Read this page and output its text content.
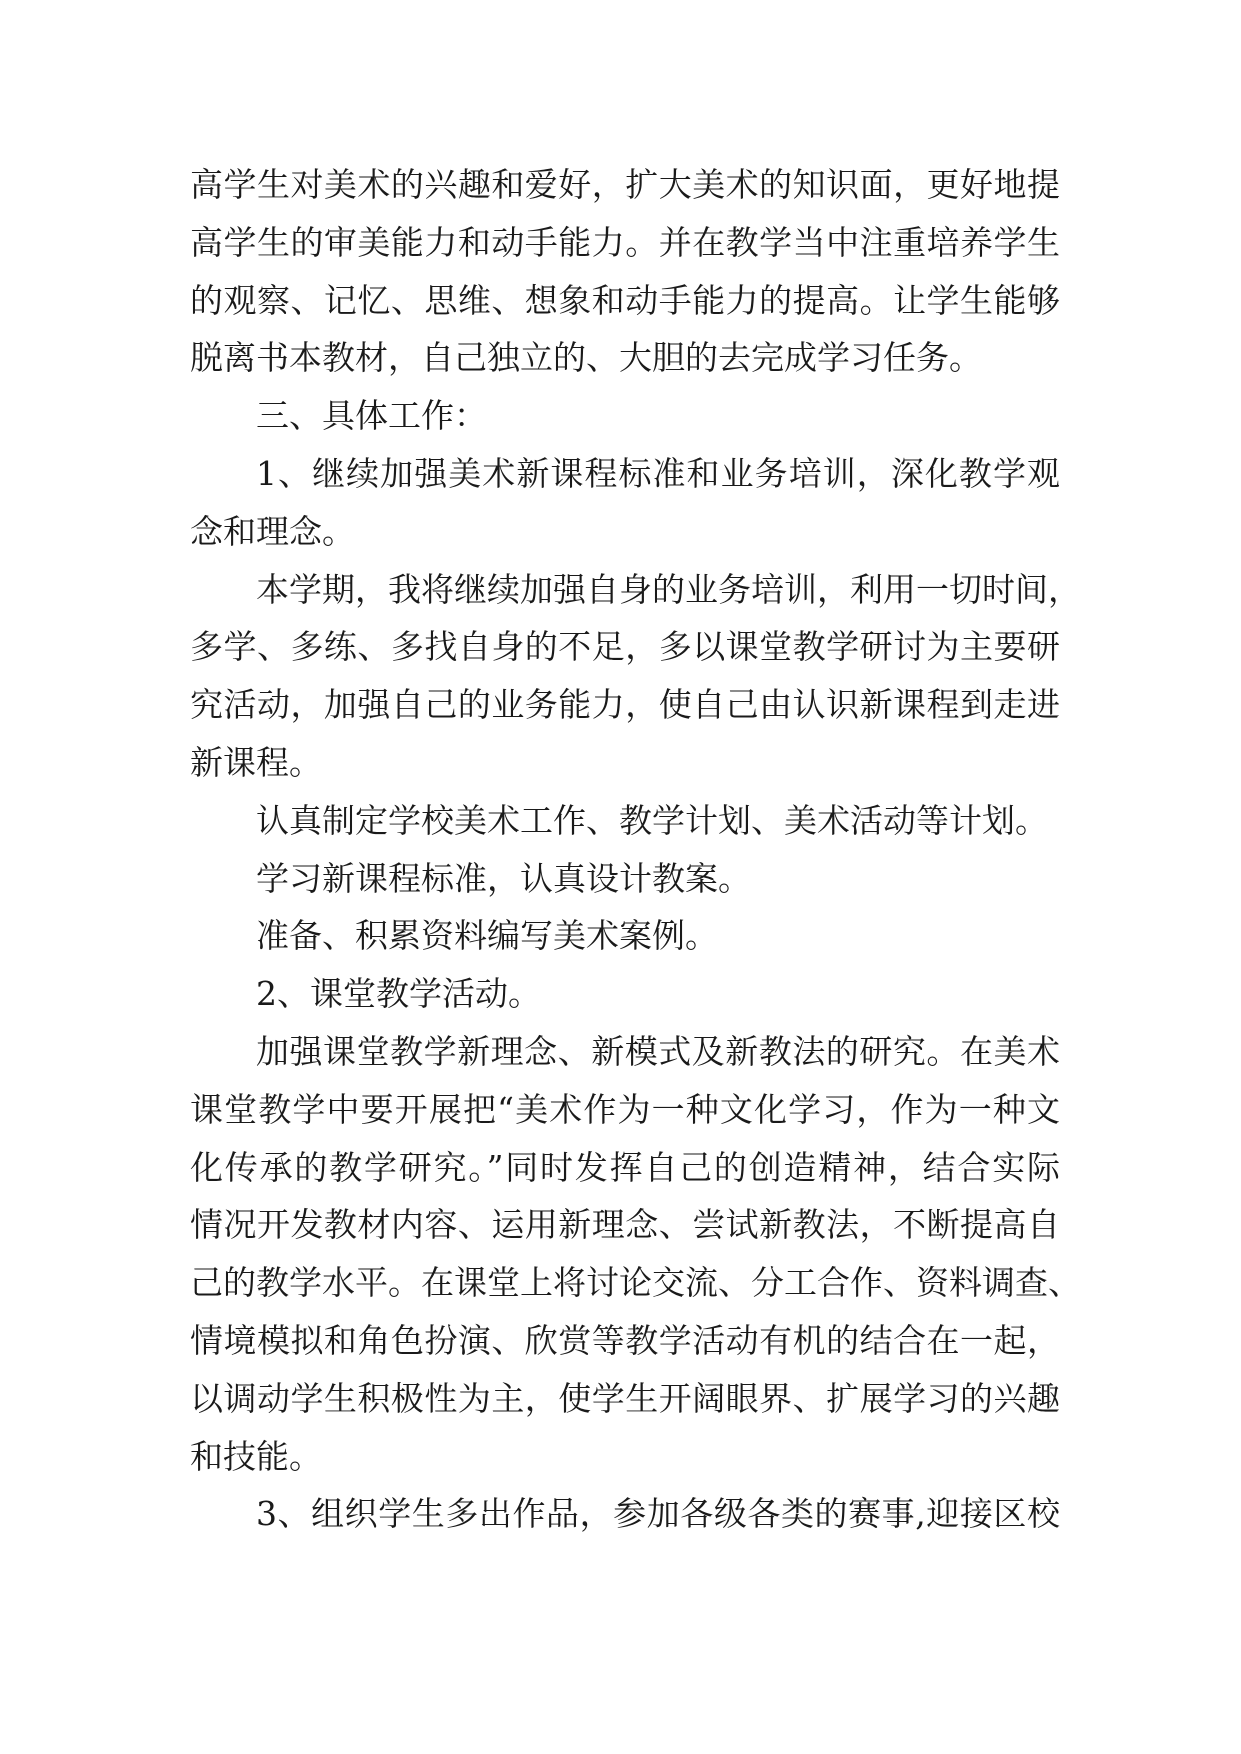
高学生对美术的兴趣和爱好，扩大美术的知识面，更好地提
高学生的审美能力和动手能力。并在教学当中注重培养学生
的观察、记忆、思维、想象和动手能力的提高。让学生能够
脱离书本教材，自己独立的、大胆的去完成学习任务。
三、具体工作：
1、继续加强美术新课程标准和业务培训，深化教学观
念和理念。
本学期，我将继续加强自身的业务培训，利用一切时间，
多学、多练、多找自身的不足，多以课堂教学研讨为主要研
究活动，加强自己的业务能力，使自己由认识新课程到走进
新课程。
认真制定学校美术工作、教学计划、美术活动等计划。
学习新课程标准，认真设计教案。
准备、积累资料编写美术案例。
2、课堂教学活动。
加强课堂教学新理念、新模式及新教法的研究。在美术
课堂教学中要开展把“美术作为一种文化学习，作为一种文
化传承的教学研究。”同时发挥自己的创造精神，结合实际
情况开发教材内容、运用新理念、尝试新教法，不断提高自
己的教学水平。在课堂上将讨论交流、分工合作、资料调查、
情境模拟和角色扮演、欣赏等教学活动有机的结合在一起，
以调动学生积极性为主，使学生开阔眼界、扩展学习的兴趣
和技能。
3、组织学生多出作品，参加各级各类的赛事,迎接区校
